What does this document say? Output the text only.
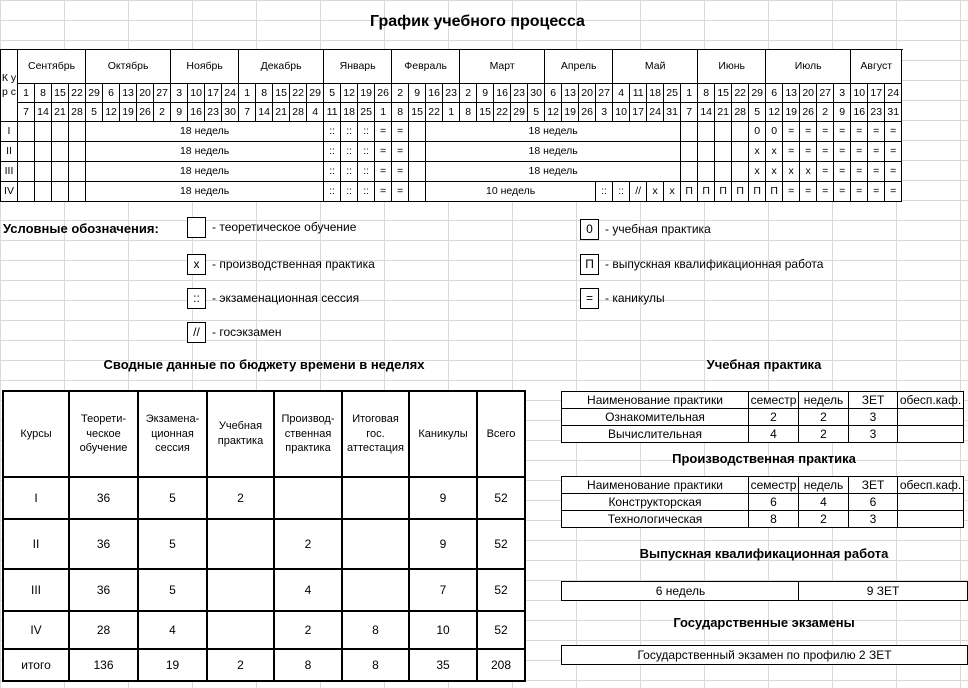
График учебного процесса
К у р с	Сентябрь				Октябрь					Ноябрь				Декабрь					Январь				Февраль				Март					Апрель				Май					Июнь				Июль					Август		
	1	8	15	22	29	6	13	20	27	3	10	17	24	1	8	15	22	29	5	12	19	26	2	9	16	23	2	9	16	23	30	6	13	20	27	4	11	18	25	1	8	15	22	29	6	13	20	27	3	10	17	24
	7	14	21	28	5	12	19	26	2	9	16	23	30	7	14	21	28	4	11	18	25	1	8	15	22	1	8	15	22	29	5	12	19	26	3	10	17	24	31	7	14	21	28	5	12	19	26	2	9	16	23	31
I					18 недель														::	::	::	=	=		18 недель																			0	0	=	=	=	=	=	=	=
II					18 недель														::	::	::	=	=		18 недель																			х	х	=	=	=	=	=	=	=
III					18 недель														::	::	::	=	=		18 недель																			х	х	х	х	=	=	=	=	=
IV					18 недель														::	::	::	=	=		10 недель										::	::	//	х	х	П	П	П	П	П	П	=	=	=	=	=	=	=
Условные обозначения:	- теоретическое обучение
х	- производственная практика
::	- экзаменационная сессия
//	- госэкзамен
0	- учебная практика
П - выпускная квалификационная работа
=	- каникулы
Сводные данные по бюджету времени в неделях
Курсы	Теорети-
ческое
обучение	Экзамена-
ционная
сессия	Учебная
практика	Производ-
ственная
практика	Итоговая
гос.
аттестация	Каникулы	Всего
I	36	5	2			9	52
II	36	5		2		9	52
III	36	5		4		7	52
IV	28	4		2	8	10	52
итого	136	19	2	8	8	35	208
Учебная практика
Наименование практики	семестр	недель	ЗЕТ	обесп.каф.
Ознакомительная	2	2	3	
Вычислительная	4	2	3	
Производственная практика
Наименование практики	семестр	недель	ЗЕТ	обесп.каф.
Конструкторская	6	4	6	
Технологическая	8	2	3	
Выпускная квалификационная работа
6 недель	9 ЗЕТ
Государственные экзамены
Государственный экзамен по профилю 2 ЗЕТ
